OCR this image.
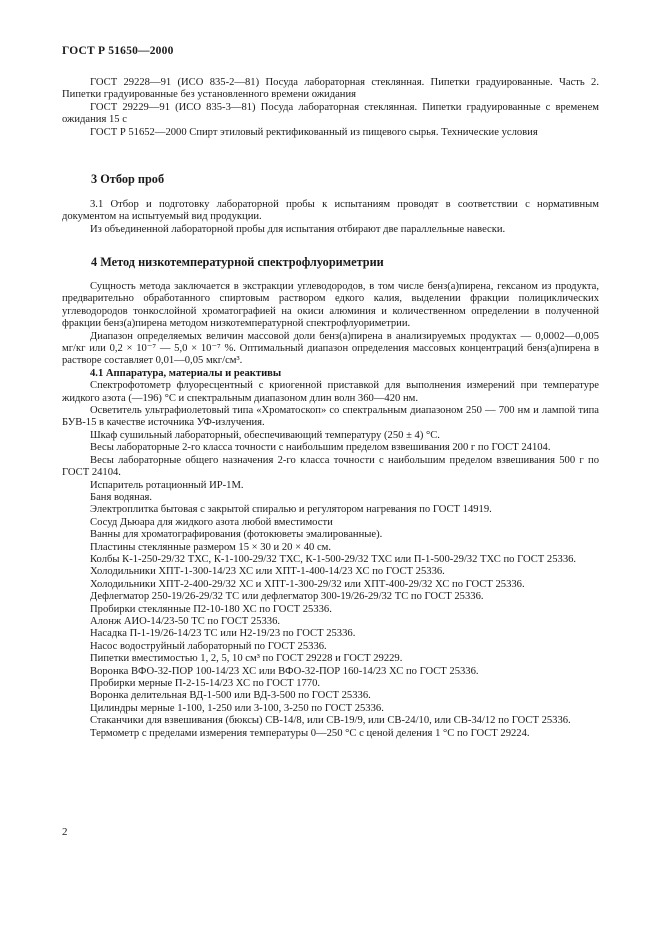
ГОСТ Р 51650—2000

ГОСТ 29228—91 (ИСО 835-2—81) Посуда лабораторная стеклянная. Пипетки градуированные. Часть 2. Пипетки градуированные без установленного времени ожидания

ГОСТ 29229—91 (ИСО 835-3—81) Посуда лабораторная стеклянная. Пипетки градуированные с временем ожидания 15 с

ГОСТ Р 51652—2000 Спирт этиловый ректификованный из пищевого сырья. Технические условия

3 Отбор проб

3.1 Отбор и подготовку лабораторной пробы к испытаниям проводят в соответствии с нормативным документом на испытуемый вид продукции.

Из объединенной лабораторной пробы для испытания отбирают две параллельные навески.

4 Метод низкотемпературной спектрофлуориметрии

Сущность метода заключается в экстракции углеводородов, в том числе бенз(а)пирена, гексаном из продукта, предварительно обработанного спиртовым раствором едкого калия, выделении фракции полициклических углеводородов тонкослойной хроматографией на окиси алюминия и количественном определении в полученной фракции бенз(а)пирена методом низкотемпературной спектрофлуориметрии.

Диапазон определяемых величин массовой доли бенз(а)пирена в анализируемых продуктах — 0,0002—0,005 мг/кг или 0,2 × 10⁻⁷ — 5,0 × 10⁻⁷ %. Оптимальный диапазон определения массовых концентраций бенз(а)пирена в растворе составляет 0,01—0,05 мкг/см³.

4.1 Аппаратура, материалы и реактивы

Спектрофотометр флуоресцентный с криогенной приставкой для выполнения измерений при температуре жидкого азота (—196) °С и спектральным диапазоном длин волн 360—420 нм.

Осветитель ультрафиолетовый типа «Хроматоскоп» со спектральным диапазоном 250 — 700 нм и лампой типа БУВ-15 в качестве источника УФ-излучения.

Шкаф сушильный лабораторный, обеспечивающий температуру (250 ± 4) °С.

Весы лабораторные 2-го класса точности с наибольшим пределом взвешивания 200 г по ГОСТ 24104.

Весы лабораторные общего назначения 2-го класса точности с наибольшим пределом взвешивания 500 г по ГОСТ 24104.

Испаритель ротационный ИР-1М.

Баня водяная.

Электроплитка бытовая с закрытой спиралью и регулятором нагревания по ГОСТ 14919.

Сосуд Дьюара для жидкого азота любой вместимости

Ванны для хроматографирования (фотокюветы эмалированные).

Пластины стеклянные размером 15 × 30 и 20 × 40 см.

Колбы К-1-250-29/32 ТХС, К-1-100-29/32 ТХС, К-1-500-29/32 ТХС или П-1-500-29/32 ТХС по ГОСТ 25336.

Холодильники ХПТ-1-300-14/23 ХС или ХПТ-1-400-14/23 ХС по ГОСТ 25336.

Холодильники ХПТ-2-400-29/32 ХС и ХПТ-1-300-29/32 или ХПТ-400-29/32 ХС по ГОСТ 25336.

Дефлегматор 250-19/26-29/32 ТС или дефлегматор 300-19/26-29/32 ТС по ГОСТ 25336.

Пробирки стеклянные П2-10-180 ХС по ГОСТ 25336.

Алонж АИО-14/23-50 ТС по ГОСТ 25336.

Насадка П-1-19/26-14/23 ТС или Н2-19/23 по ГОСТ 25336.

Насос водоструйный лабораторный по ГОСТ 25336.

Пипетки вместимостью 1, 2, 5, 10 см³ по ГОСТ 29228 и ГОСТ 29229.

Воронка ВФО-32-ПОР 100-14/23 ХС или ВФО-32-ПОР 160-14/23 ХС по ГОСТ 25336.

Пробирки мерные П-2-15-14/23 ХС по ГОСТ 1770.

Воронка делительная ВД-1-500 или ВД-3-500 по ГОСТ 25336.

Цилиндры мерные 1-100, 1-250 или 3-100, 3-250 по ГОСТ 25336.

Стаканчики для взвешивания (бюксы) СВ-14/8, или СВ-19/9, или СВ-24/10, или СВ-34/12 по ГОСТ 25336.

Термометр с пределами измерения температуры 0—250 °С с ценой деления 1 °С по ГОСТ 29224.

2
